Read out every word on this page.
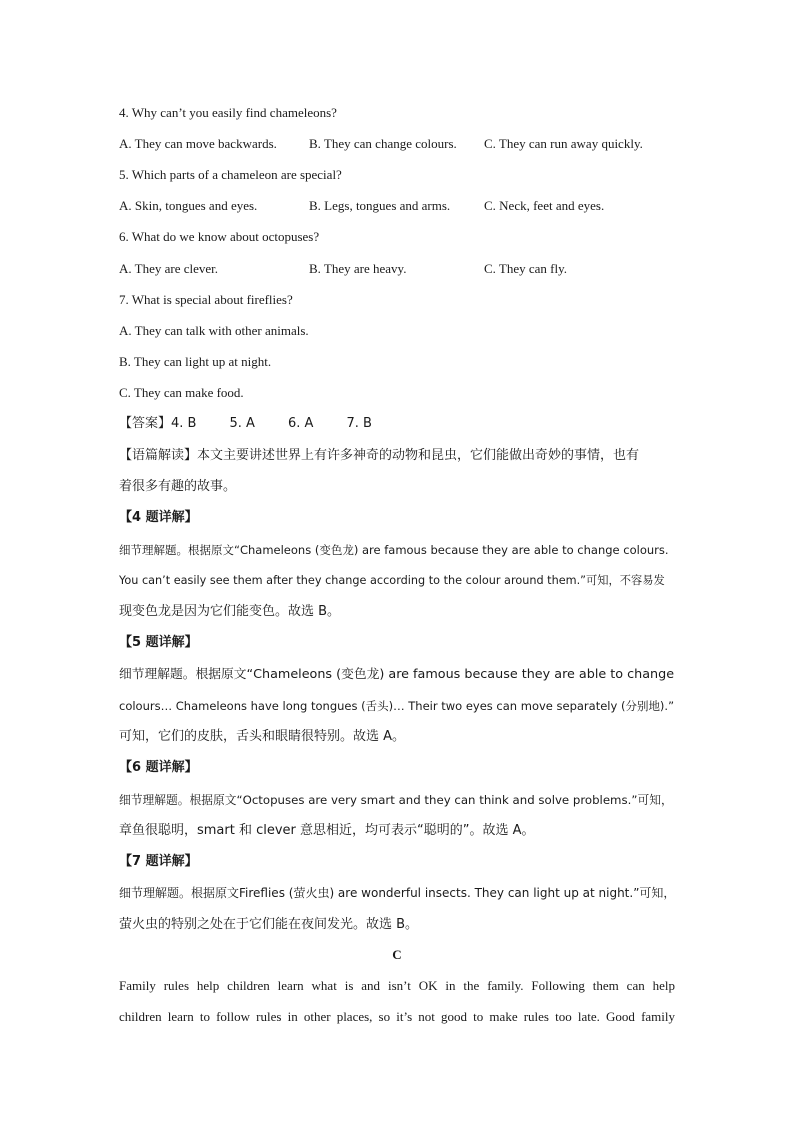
4. Why can’t you easily find chameleons?
A. They can move backwards. B. They can change colours. C. They can run away quickly.
5. Which parts of a chameleon are special?
A. Skin, tongues and eyes.	B. Legs, tongues and arms.	C. Neck, feet and eyes.
6. What do we know about octopuses?
A. They are clever.	B. They are heavy.	C. They can fly.
7. What is special about fireflies?
A. They can talk with other animals.
B. They can light up at night.
C. They can make food.
【答案】4. B        5. A        6. A        7. B
【语篇解读】本文主要讲述世界上有许多神奇的动物和昆虫，它们能做出奇妙的事情，也有
着很多有趣的故事。
【4 题详解】
细节理解题。根据原文“Chameleons (变色龙) are famous because they are able to change colours.
You can’t easily see them after they change according to the colour around them.”可知，不容易发
现变色龙是因为它们能变色。故选 B。
【5 题详解】
细节理解题。根据原文“Chameleons (变色龙) are famous because they are able to change
colours… Chameleons have long tongues (舌头)… Their two eyes can move separately (分别地).”
可知，它们的皮肤，舌头和眼睛很特别。故选 A。
【6 题详解】
细节理解题。根据原文“Octopuses are very smart and they can think and solve problems.”可知，
章鱼很聪明，smart 和 clever 意思相近，均可表示“聪明的”。故选 A。
【7 题详解】
细节理解题。根据原文Fireflies (萤火虫) are wonderful insects. They can light up at night.”可知，
萤火虫的特别之处在于它们能在夜间发光。故选 B。
C
Family rules help children learn what is and isn’t OK in the family. Following them can help
children learn to follow rules in other places, so it’s not good to make rules too late. Good family
